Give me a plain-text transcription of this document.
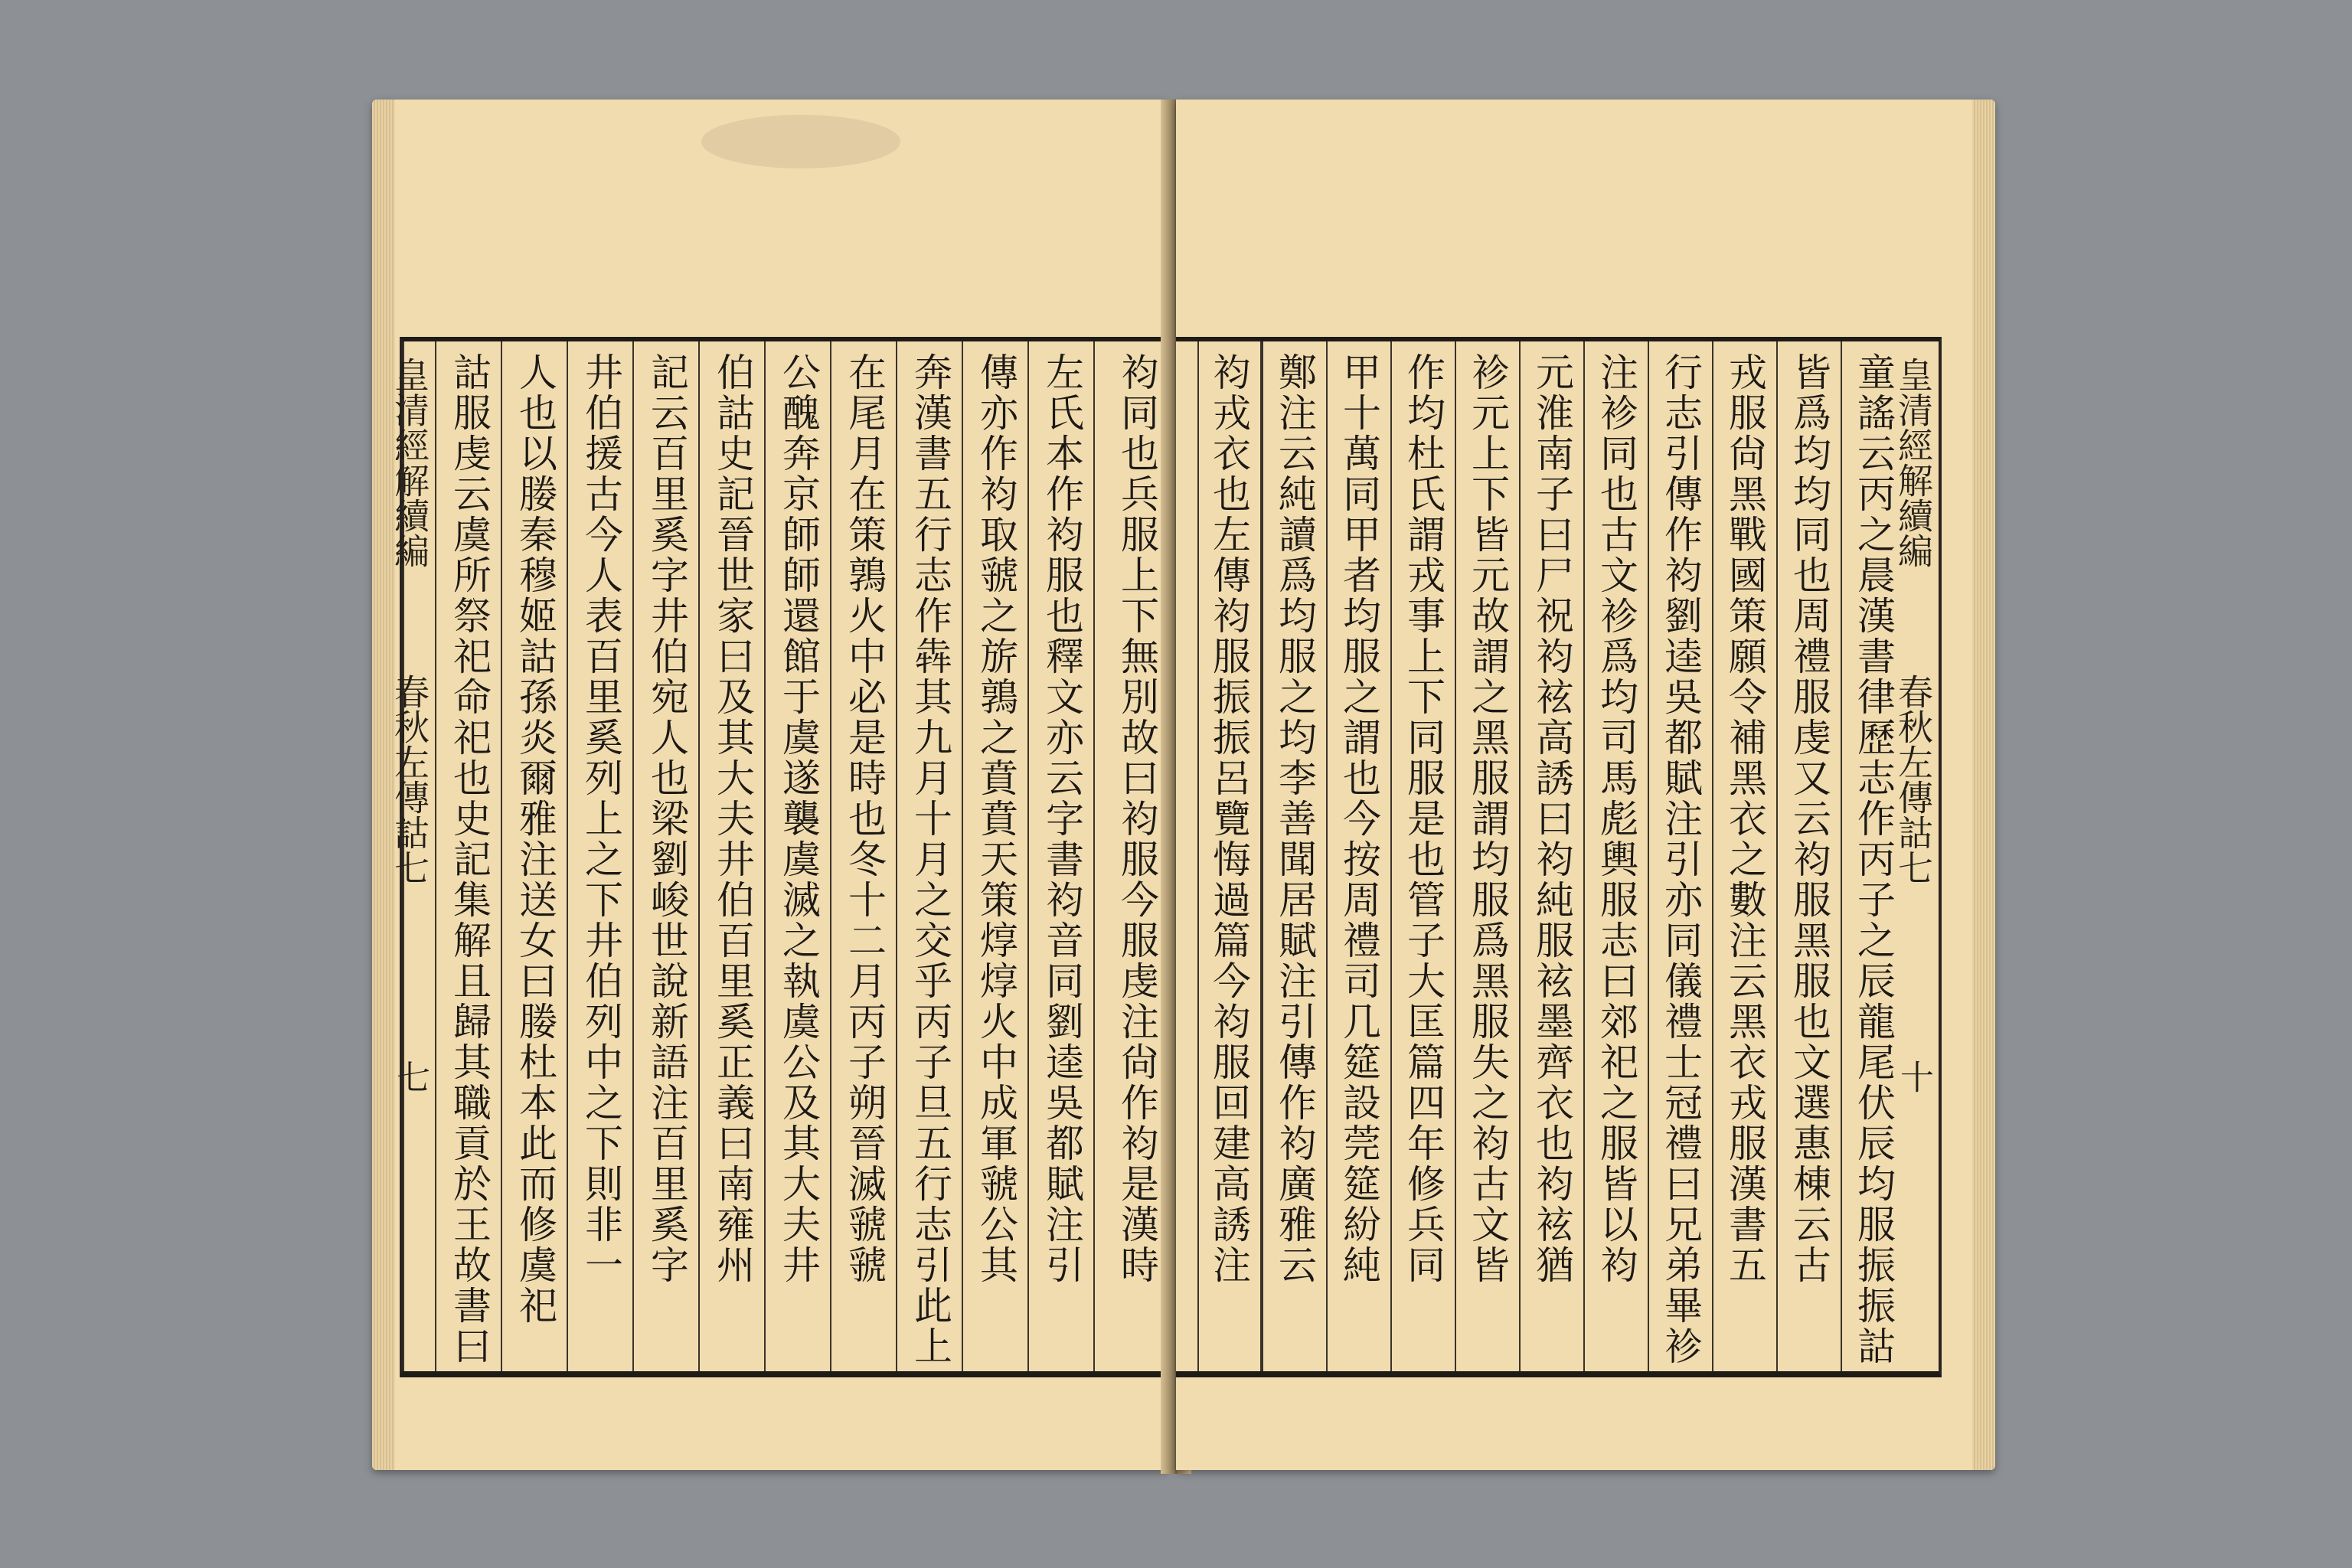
袀同也兵服上下無別故曰袀服今服虔注尙作袀是漢時
左氏本作袀服也釋文亦云字書袀音同劉逵吳都賦注引
傳亦作袀取虢之旂鶉之賁賁天策焞焞火中成軍虢公其
奔漢書五行志作犇其九月十月之交乎丙子旦五行志引此上
在尾月在策鶉火中必是時也冬十二月丙子朔晉滅虢虢
公醜奔京師師還館于虞遂襲虞滅之執虞公及其大夫井
伯詁史記晉世家曰及其大夫井伯百里奚正義曰南雍州
記云百里奚字井伯宛人也梁劉峻世說新語注百里奚字
井伯援古今人表百里奚列上之下井伯列中之下則非一
人也以媵秦穆姬詁孫炎爾雅注送女曰媵杜本此而修虞祀
詁服虔云虞所祭祀命祀也史記集解且歸其職貢於王故書曰
皇清經解續編  春秋左傳詁七  七
皇清經解續編  春秋左傳詁七  十
童謠云丙之晨漢書律歷志作丙子之辰龍尾伏辰均服振振詁
皆爲均均同也周禮服虔又云袀服黑服也文選惠棟云古
戎服尙黑戰國策願令補黑衣之數注云黑衣戎服漢書五
行志引傳作袀劉逵吳都賦注引亦同儀禮士冠禮曰兄弟畢袗
注袗同也古文袗爲均司馬彪輿服志曰郊祀之服皆以袀
元淮南子曰尸祝袀袨高誘曰袀純服袨墨齊衣也袀袨猶
袗元上下皆元故謂之黑服謂均服爲黑服失之袀古文皆
作均杜氏謂戎事上下同服是也管子大匡篇四年修兵同
甲十萬同甲者均服之謂也今按周禮司几筵設莞筵紛純
鄭注云純讀爲均服之均李善聞居賦注引傳作袀廣雅云
袀戎衣也左傳袀服振振呂覽悔過篇今袀服回建高誘注
